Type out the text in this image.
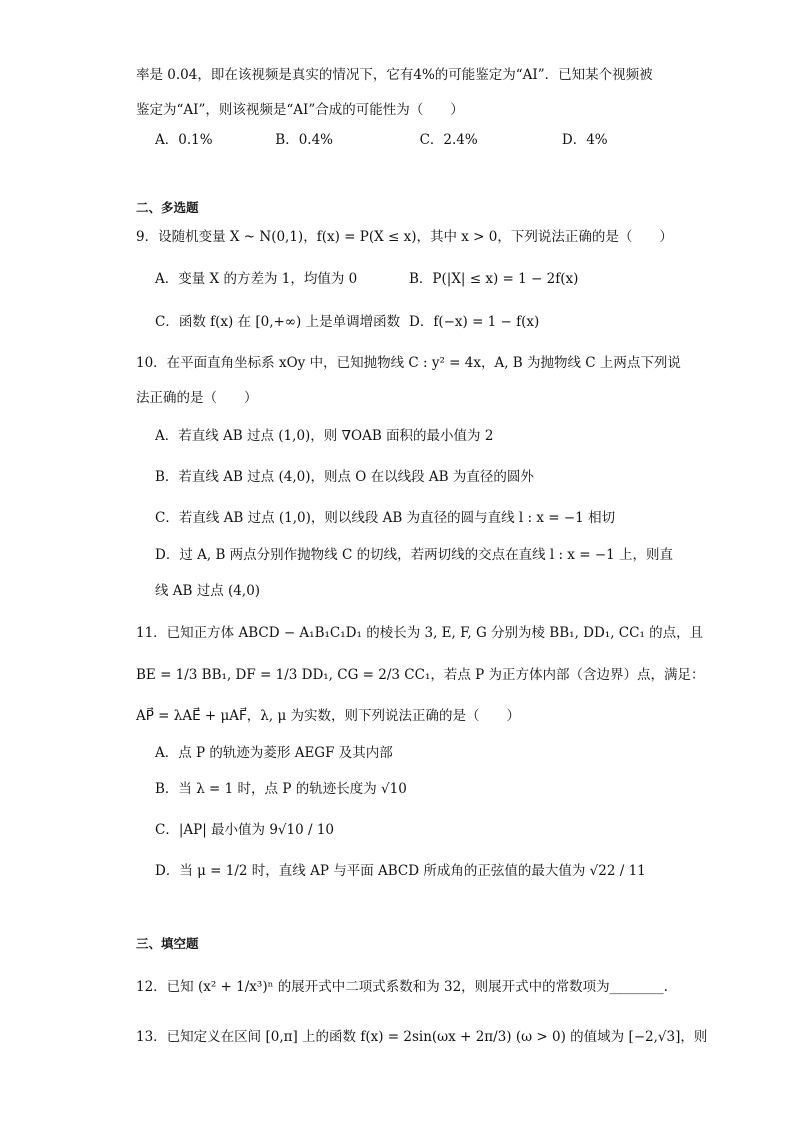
率是 0.04，即在该视频是真实的情况下，它有4%的可能鉴定为“AI”．已知某个视频被
鉴定为“AI”，则该视频是“AI”合成的可能性为（　　）
A．0.1%	B．0.4%	C．2.4%	D．4%
二、多选题
9．设随机变量 X ~ N(0,1)，f(x) = P(X ≤ x)，其中 x > 0，下列说法正确的是（　　）
A．变量 X 的方差为 1，均值为 0	B．P(|X| ≤ x) = 1 − 2f(x)
C．函数 f(x) 在 [0,+∞) 上是单调增函数 D．f(−x) = 1 − f(x)
10．在平面直角坐标系 xOy 中，已知抛物线 C : y² = 4x，A, B 为抛物线 C 上两点下列说
法正确的是（　　）
A．若直线 AB 过点 (1,0)，则 ∇OAB 面积的最小值为 2
B．若直线 AB 过点 (4,0)，则点 O 在以线段 AB 为直径的圆外
C．若直线 AB 过点 (1,0)，则以线段 AB 为直径的圆与直线 l : x = −1 相切
D．过 A, B 两点分别作抛物线 C 的切线，若两切线的交点在直线 l : x = −1 上，则直
线 AB 过点 (4,0)
11．已知正方体 ABCD − A₁B₁C₁D₁ 的棱长为 3, E, F, G 分别为棱 BB₁, DD₁, CC₁ 的点，且
BE = 1/3 BB₁, DF = 1/3 DD₁, CG = 2/3 CC₁，若点 P 为正方体内部（含边界）点，满足：
AP⃗ = λAE⃗ + μAF⃗，λ, μ 为实数，则下列说法正确的是（　　）
A．点 P 的轨迹为菱形 AEGF 及其内部
B．当 λ = 1 时，点 P 的轨迹长度为 √10
C．|AP| 最小值为 9√10 / 10
D．当 μ = 1/2 时，直线 AP 与平面 ABCD 所成角的正弦值的最大值为 √22 / 11
三、填空题
12．已知 (x² + 1/x³)ⁿ 的展开式中二项式系数和为 32，则展开式中的常数项为________.
13．已知定义在区间 [0,π] 上的函数 f(x) = 2sin(ωx + 2π/3) (ω > 0) 的值域为 [−2,√3]，则
